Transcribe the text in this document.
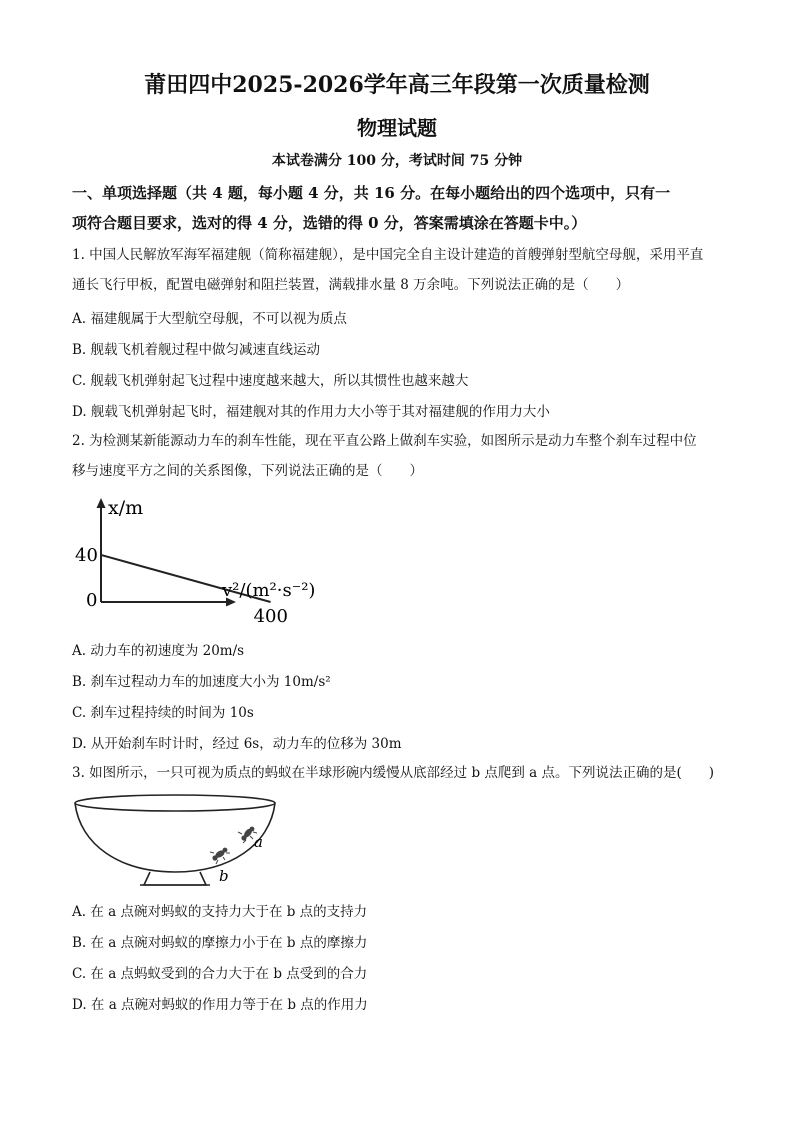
莆田四中2025-2026学年高三年段第一次质量检测
物理试题
本试卷满分 100 分，考试时间 75 分钟
一、单项选择题（共 4 题，每小题 4 分，共 16 分。在每小题给出的四个选项中，只有一
项符合题目要求，选对的得 4 分，选错的得 0 分，答案需填涂在答题卡中。）
1. 中国人民解放军海军福建舰（简称福建舰），是中国完全自主设计建造的首艘弹射型航空母舰，采用平直
通长飞行甲板，配置电磁弹射和阻拦装置，满载排水量 8 万余吨。下列说法正确的是（　　）
A. 福建舰属于大型航空母舰，不可以视为质点
B. 舰载飞机着舰过程中做匀减速直线运动
C. 舰载飞机弹射起飞过程中速度越来越大，所以其惯性也越来越大
D. 舰载飞机弹射起飞时，福建舰对其的作用力大小等于其对福建舰的作用力大小
2. 为检测某新能源动力车的刹车性能，现在平直公路上做刹车实验，如图所示是动力车整个刹车过程中位
移与速度平方之间的关系图像，下列说法正确的是（　　）
x/m
v²/(m²·s⁻²)
40
0
400
A. 动力车的初速度为 20m/s
B. 刹车过程动力车的加速度大小为 10m/s²
C. 刹车过程持续的时间为 10s
D. 从开始刹车时计时，经过 6s，动力车的位移为 30m
3. 如图所示，一只可视为质点的蚂蚁在半球形碗内缓慢从底部经过 b 点爬到 a 点。下列说法正确的是(　　)
a
b
A. 在 a 点碗对蚂蚁的支持力大于在 b 点的支持力
B. 在 a 点碗对蚂蚁的摩擦力小于在 b 点的摩擦力
C. 在 a 点蚂蚁受到的合力大于在 b 点受到的合力
D. 在 a 点碗对蚂蚁的作用力等于在 b 点的作用力
